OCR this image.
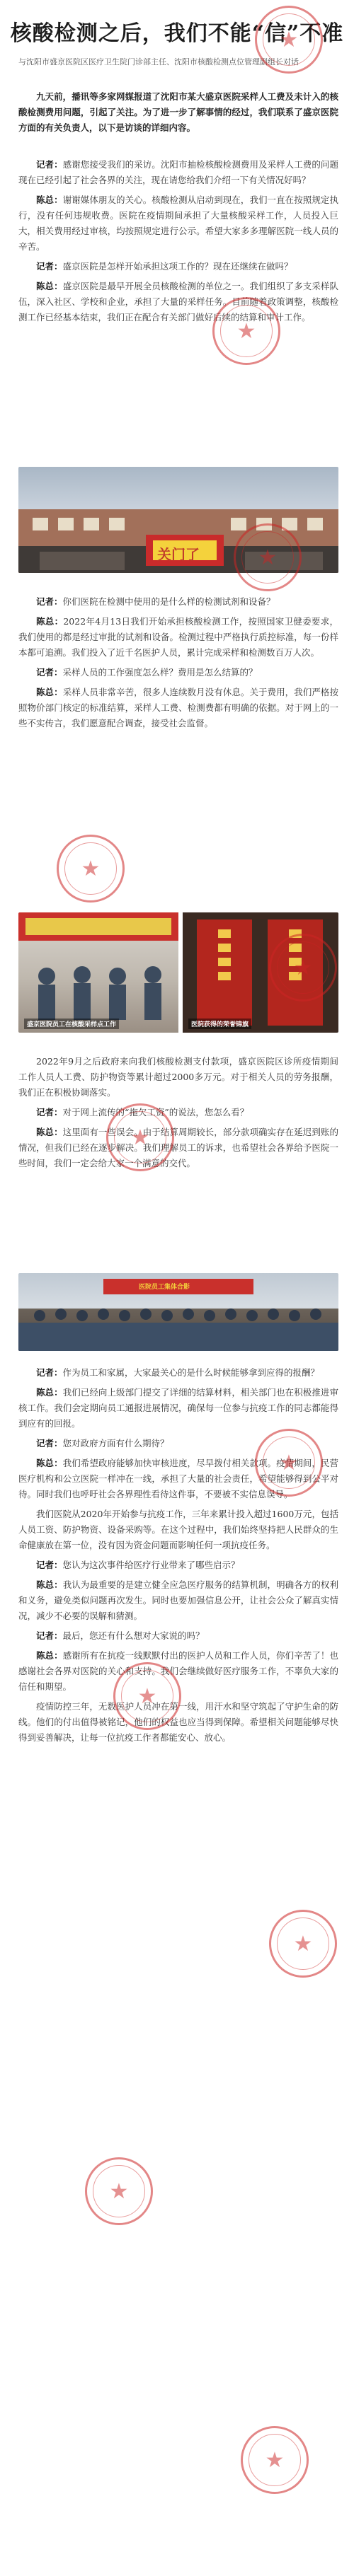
核酸检测之后，我们不能“信”不准
与沈阳市盛京医院区医疗卫生院门诊部主任、沈阳市核酸检测点位管理副组长对话
★

九天前，播讯等多家网媒报道了沈阳市某大盛京医院采样人工费及未计入的核酸检测费用问题，引起了关注。为了进一步了解事情的经过，我们联系了盛京医院方面的有关负责人，以下是访谈的详细内容。

记者：感谢您接受我们的采访。沈阳市抽检核酸检测费用及采样人工费的问题现在已经引起了社会各界的关注，现在请您给我们介绍一下有关情况好吗？

陈总：谢谢媒体朋友的关心。核酸检测从启动到现在，我们一直在按照规定执行，没有任何违规收费。医院在疫情期间承担了大量核酸采样工作，人员投入巨大，相关费用经过审核，均按照规定进行公示。希望大家多多理解医院一线人员的辛苦。

记者：盛京医院是怎样开始承担这项工作的？现在还继续在做吗？

陈总：盛京医院是最早开展全员核酸检测的单位之一。我们组织了多支采样队伍，深入社区、学校和企业，承担了大量的采样任务。目前随着政策调整，核酸检测工作已经基本结束，我们正在配合有关部门做好后续的结算和审计工作。

★
关门了
★

记者：你们医院在检测中使用的是什么样的检测试剂和设备？

陈总：2022年4月13日我们开始承担核酸检测工作，按照国家卫健委要求，我们使用的都是经过审批的试剂和设备。检测过程中严格执行质控标准，每一份样本都可追溯。我们投入了近千名医护人员，累计完成采样和检测数百万人次。

记者：采样人员的工作强度怎么样？费用是怎么结算的？

陈总：采样人员非常辛苦，很多人连续数月没有休息。关于费用，我们严格按照物价部门核定的标准结算，采样人工费、检测费都有明确的依据。对于网上的一些不实传言，我们愿意配合调查，接受社会监督。

★
盛京医院员工在核酸采样点工作	医院获得的荣誉锦旗
★

2022年9月之后政府来向我们核酸检测支付款项，盛京医院区诊所疫情期间工作人员人工费、防护物资等累计超过2000多万元。对于相关人员的劳务报酬，我们正在积极协调落实。

记者：对于网上流传的“拖欠工资”的说法，您怎么看？

陈总：这里面有一些误会。由于结算周期较长，部分款项确实存在延迟到账的情况，但我们已经在逐步解决。我们理解员工的诉求，也希望社会各界给予医院一些时间，我们一定会给大家一个满意的交代。

★
医院员工集体合影

记者：作为员工和家属，大家最关心的是什么时候能够拿到应得的报酬？

陈总：我们已经向上级部门提交了详细的结算材料，相关部门也在积极推进审核工作。我们会定期向员工通报进展情况，确保每一位参与抗疫工作的同志都能得到应有的回报。

记者：您对政府方面有什么期待？

陈总：我们希望政府能够加快审核进度，尽早拨付相关款项。疫情期间，民营医疗机构和公立医院一样冲在一线，承担了大量的社会责任，希望能够得到公平对待。同时我们也呼吁社会各界理性看待这件事，不要被不实信息误导。

我们医院从2020年开始参与抗疫工作，三年来累计投入超过1600万元，包括人员工资、防护物资、设备采购等。在这个过程中，我们始终坚持把人民群众的生命健康放在第一位，没有因为资金问题而影响任何一项抗疫任务。

记者：您认为这次事件给医疗行业带来了哪些启示？

陈总：我认为最重要的是建立健全应急医疗服务的结算机制，明确各方的权利和义务，避免类似问题再次发生。同时也要加强信息公开，让社会公众了解真实情况，减少不必要的误解和猜测。

记者：最后，您还有什么想对大家说的吗？

陈总：感谢所有在抗疫一线默默付出的医护人员和工作人员，你们辛苦了！也感谢社会各界对医院的关心和支持。我们会继续做好医疗服务工作，不辜负大家的信任和期望。

疫情防控三年，无数医护人员冲在第一线，用汗水和坚守筑起了守护生命的防线。他们的付出值得被铭记，他们的权益也应当得到保障。希望相关问题能够尽快得到妥善解决，让每一位抗疫工作者都能安心、放心。

★
★
★
★
★
